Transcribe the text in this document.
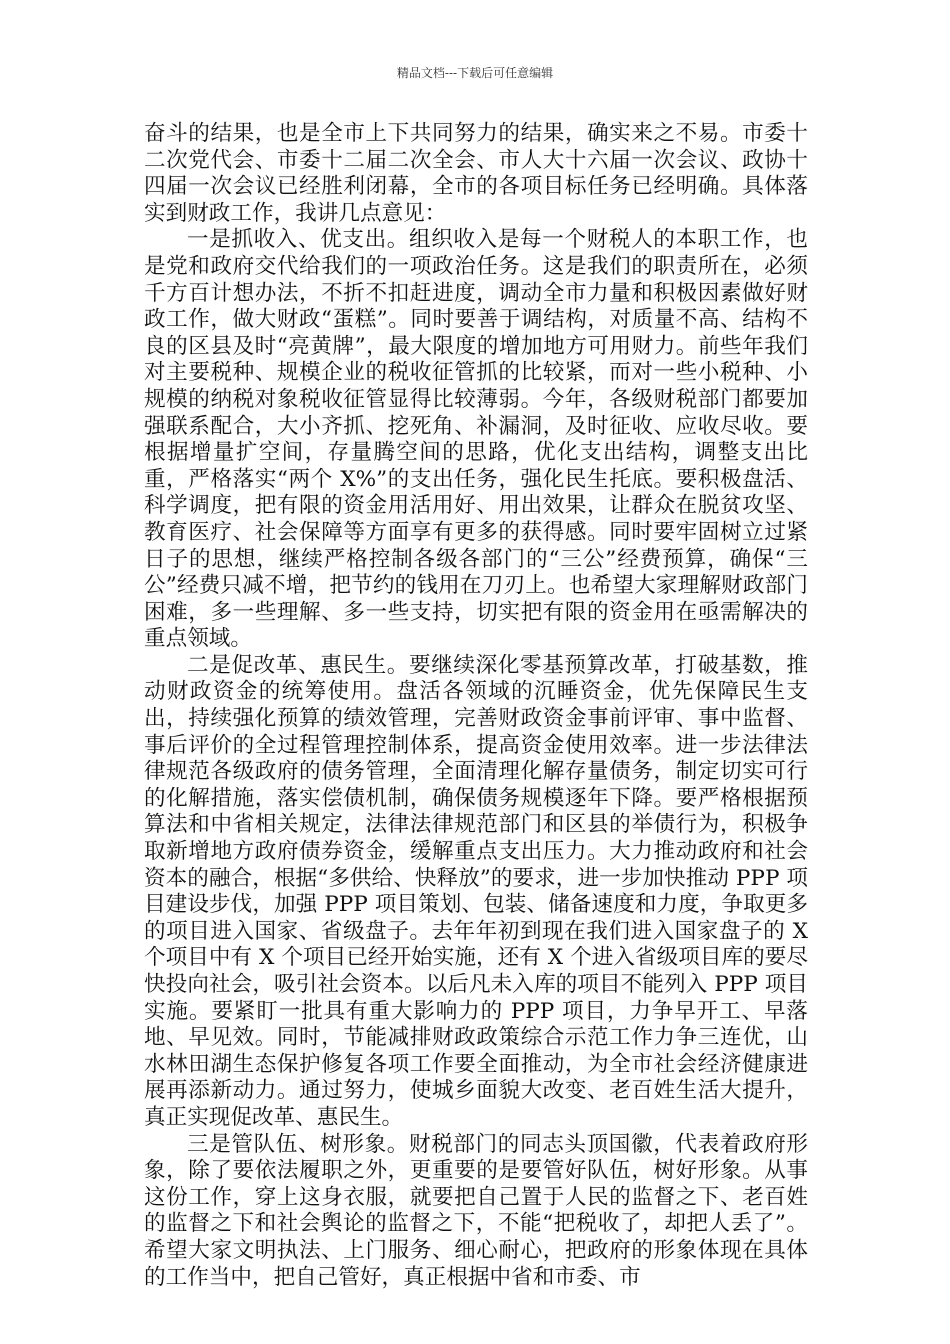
精品文档---下载后可任意编辑

奋斗的结果，也是全市上下共同努力的结果，确实来之不易。市委十二次党代会、市委十二届二次全会、市人大十六届一次会议、政协十四届一次会议已经胜利闭幕，全市的各项目标任务已经明确。具体落实到财政工作，我讲几点意见：

一是抓收入、优支出。组织收入是每一个财税人的本职工作，也是党和政府交代给我们的一项政治任务。这是我们的职责所在，必须千方百计想办法，不折不扣赶进度，调动全市力量和积极因素做好财政工作，做大财政“蛋糕”。同时要善于调结构，对质量不高、结构不良的区县及时“亮黄牌”，最大限度的增加地方可用财力。前些年我们对主要税种、规模企业的税收征管抓的比较紧，而对一些小税种、小规模的纳税对象税收征管显得比较薄弱。今年，各级财税部门都要加强联系配合，大小齐抓、挖死角、补漏洞，及时征收、应收尽收。要根据增量扩空间，存量腾空间的思路，优化支出结构，调整支出比重，严格落实“两个 X%”的支出任务，强化民生托底。要积极盘活、科学调度，把有限的资金用活用好、用出效果，让群众在脱贫攻坚、教育医疗、社会保障等方面享有更多的获得感。同时要牢固树立过紧日子的思想，继续严格控制各级各部门的“三公”经费预算，确保“三公”经费只减不增，把节约的钱用在刀刃上。也希望大家理解财政部门困难，多一些理解、多一些支持，切实把有限的资金用在亟需解决的重点领域。

二是促改革、惠民生。要继续深化零基预算改革，打破基数，推动财政资金的统筹使用。盘活各领域的沉睡资金，优先保障民生支出，持续强化预算的绩效管理，完善财政资金事前评审、事中监督、事后评价的全过程管理控制体系，提高资金使用效率。进一步法律法律规范各级政府的债务管理，全面清理化解存量债务，制定切实可行的化解措施，落实偿债机制，确保债务规模逐年下降。要严格根据预算法和中省相关规定，法律法律规范部门和区县的举债行为，积极争取新增地方政府债券资金，缓解重点支出压力。大力推动政府和社会资本的融合，根据“多供给、快释放”的要求，进一步加快推动 PPP 项目建设步伐，加强 PPP 项目策划、包装、储备速度和力度，争取更多的项目进入国家、省级盘子。去年年初到现在我们进入国家盘子的 X 个项目中有 X 个项目已经开始实施，还有 X 个进入省级项目库的要尽快投向社会，吸引社会资本。以后凡未入库的项目不能列入 PPP 项目实施。要紧盯一批具有重大影响力的 PPP 项目，力争早开工、早落地、早见效。同时，节能减排财政政策综合示范工作力争三连优，山水林田湖生态保护修复各项工作要全面推动，为全市社会经济健康进展再添新动力。通过努力，使城乡面貌大改变、老百姓生活大提升，真正实现促改革、惠民生。

三是管队伍、树形象。财税部门的同志头顶国徽，代表着政府形象，除了要依法履职之外，更重要的是要管好队伍，树好形象。从事这份工作，穿上这身衣服，就要把自己置于人民的监督之下、老百姓的监督之下和社会舆论的监督之下，不能“把税收了，却把人丢了”。希望大家文明执法、上门服务、细心耐心，把政府的形象体现在具体的工作当中，把自己管好，真正根据中省和市委、市
